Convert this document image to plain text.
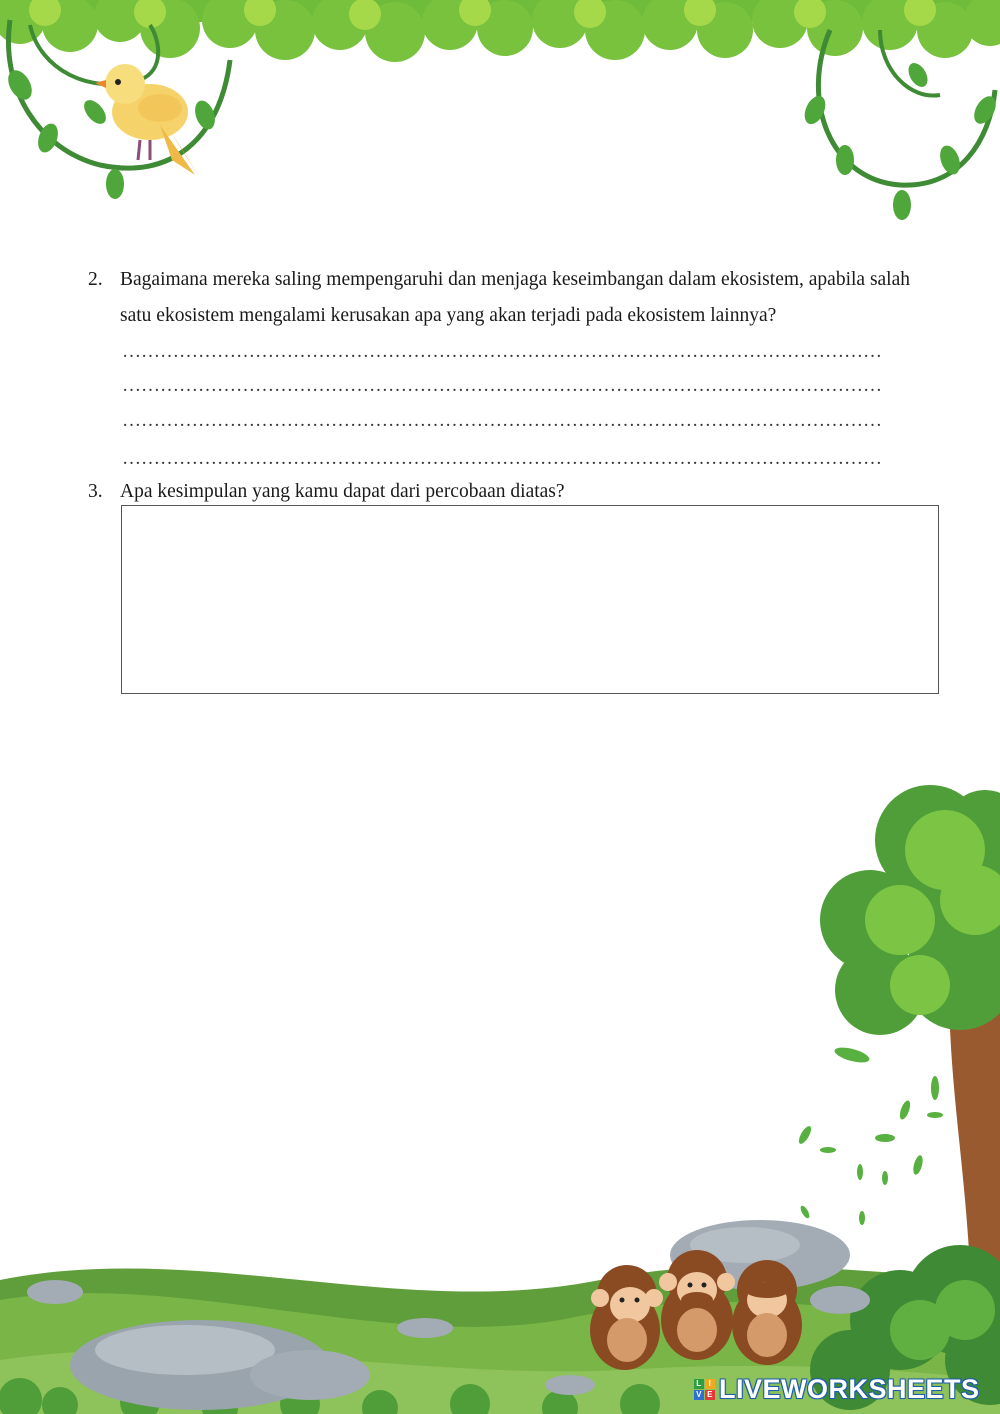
2. Bagaimana mereka saling mempengaruhi dan menjaga keseimbangan dalam ekosistem, apabila salah
satu ekosistem mengalami kerusakan apa yang akan terjadi pada ekosistem lainnya?
…………………………………………………………………………………………………………
…………………………………………………………………………………………………………
…………………………………………………………………………………………………………
…………………………………………………………………………………………………………
3. Apa kesimpulan yang kamu dapat dari percobaan diatas?
L I
V E LIVEWORKSHEETS
